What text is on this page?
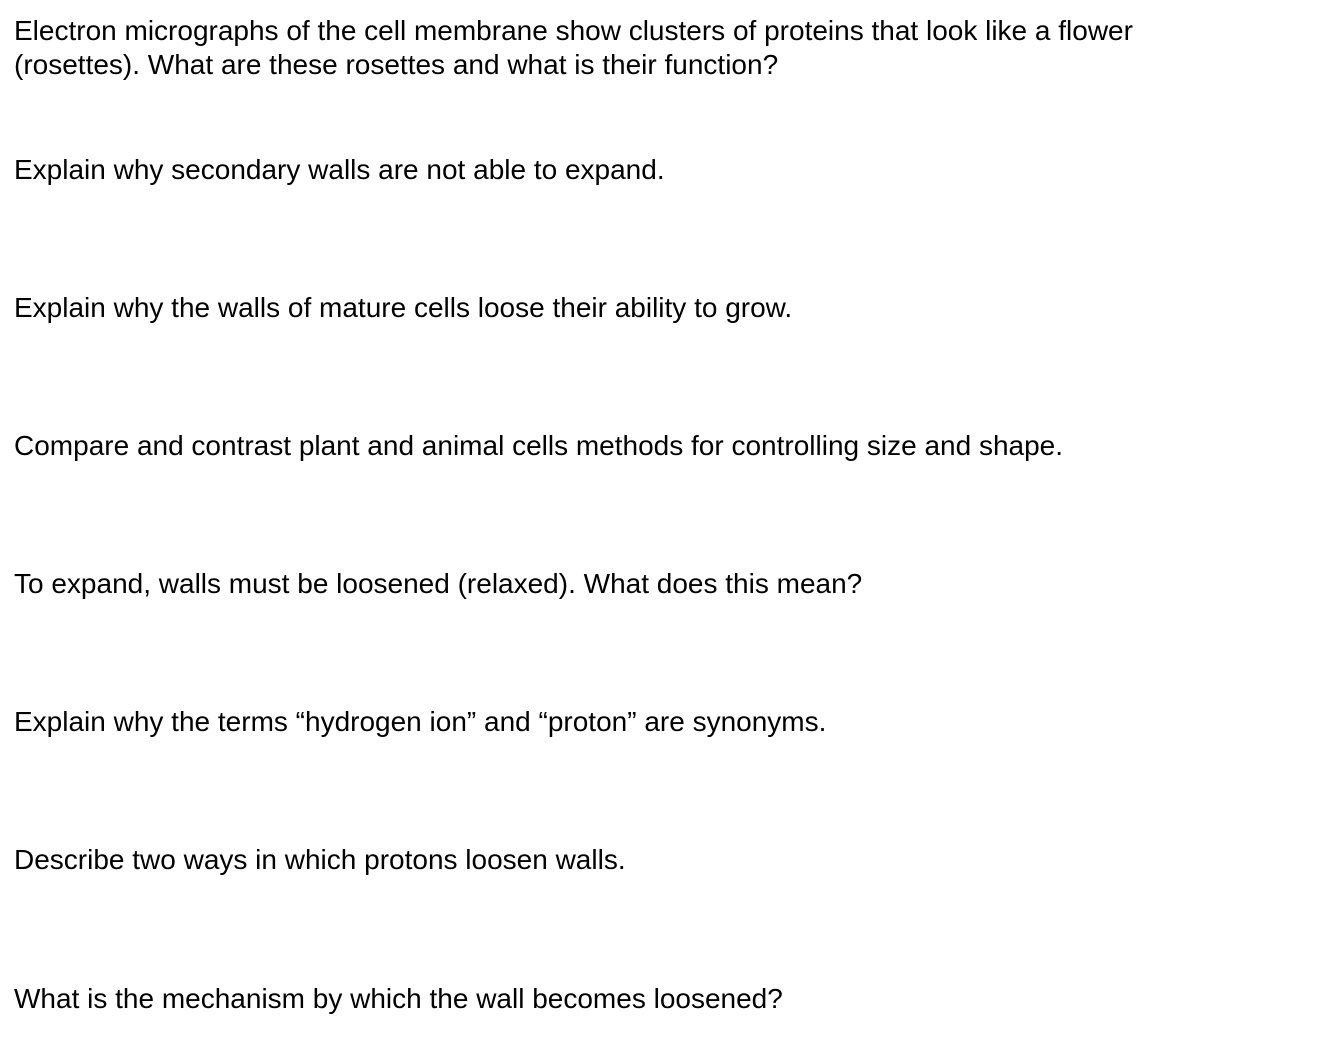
Electron micrographs of the cell membrane show clusters of proteins that look like a flower
(rosettes). What are these rosettes and what is their function?

Explain why secondary walls are not able to expand.

Explain why the walls of mature cells loose their ability to grow.

Compare and contrast plant and animal cells methods for controlling size and shape.

To expand, walls must be loosened (relaxed). What does this mean?

Explain why the terms “hydrogen ion” and “proton” are synonyms.

Describe two ways in which protons loosen walls.

What is the mechanism by which the wall becomes loosened?
